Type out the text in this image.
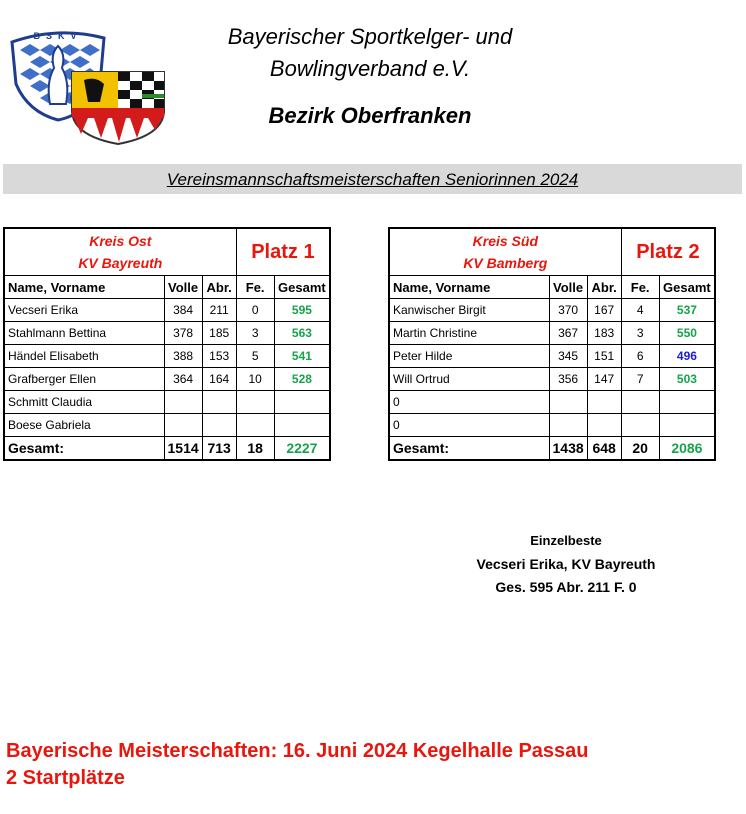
BSKV	Bayerischer Sportkelger- und
Bowlingverband e.V.
Bezirk Oberfranken
Vereinsmannschaftsmeisterschaften Seniorinnen 2024
Kreis Ost
KV Bayreuth			Platz 1	
Name, Vorname	Volle	Abr.	Fe.	Gesamt
Vecseri Erika	384	211	0	595
Stahlmann Bettina	378	185	3	563
Händel Elisabeth	388	153	5	541
Grafberger Ellen	364	164	10	528
Schmitt Claudia				
Boese Gabriela				
Gesamt:	1514	713	18	2227
Kreis Süd
KV Bamberg			Platz 2	
Name, Vorname	Volle	Abr.	Fe.	Gesamt
Kanwischer Birgit	370	167	4	537
Martin Christine	367	183	3	550
Peter Hilde	345	151	6	496
Will Ortrud	356	147	7	503
0				
0				
Gesamt:	1438	648	20	2086
Einzelbeste
Vecseri Erika, KV Bayreuth
Ges. 595 Abr. 211 F. 0
Bayerische Meisterschaften: 16. Juni 2024 Kegelhalle Passau
2 Startplätze
